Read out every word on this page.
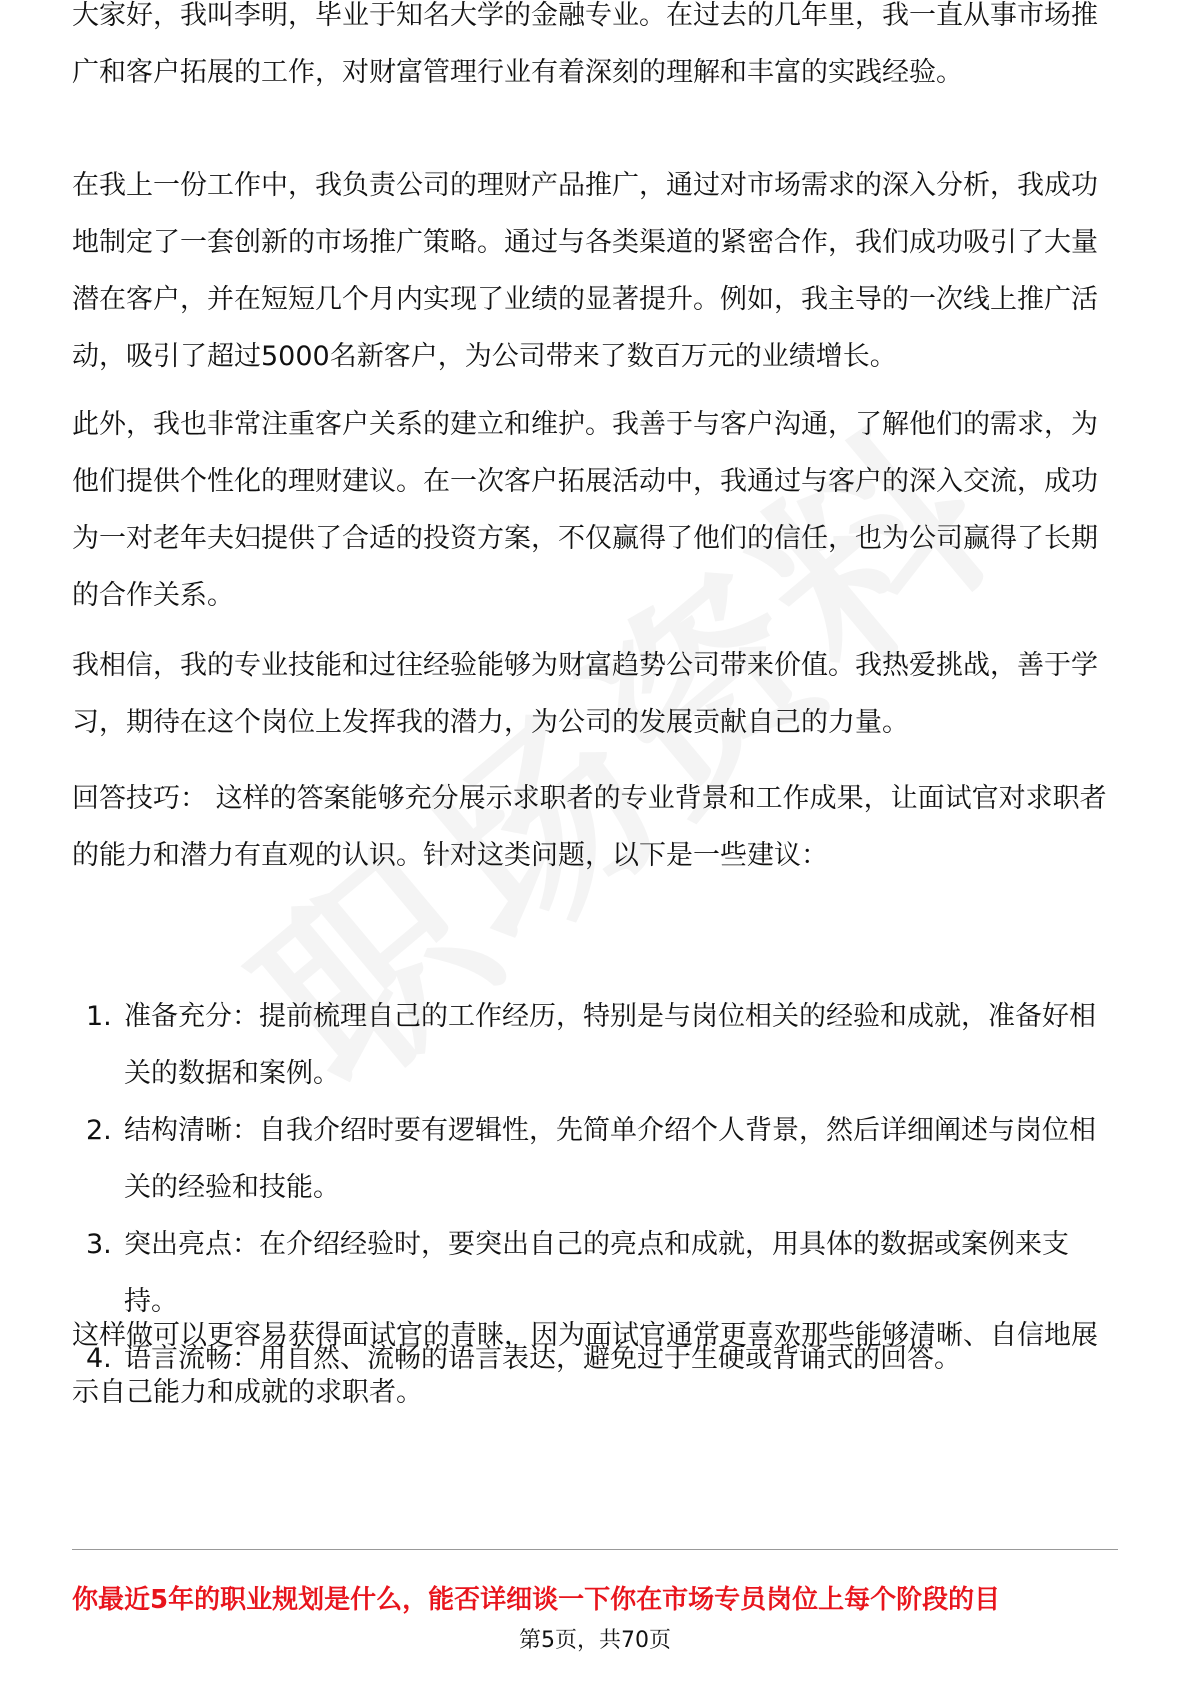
大家好，我叫李明，毕业于知名大学的金融专业。在过去的几年里，我一直从事市场推广和客户拓展的工作，对财富管理行业有着深刻的理解和丰富的实践经验。

在我上一份工作中，我负责公司的理财产品推广，通过对市场需求的深入分析，我成功地制定了一套创新的市场推广策略。通过与各类渠道的紧密合作，我们成功吸引了大量潜在客户，并在短短几个月内实现了业绩的显著提升。例如，我主导的一次线上推广活动，吸引了超过5000名新客户，为公司带来了数百万元的业绩增长。

此外，我也非常注重客户关系的建立和维护。我善于与客户沟通，了解他们的需求，为他们提供个性化的理财建议。在一次客户拓展活动中，我通过与客户的深入交流，成功为一对老年夫妇提供了合适的投资方案，不仅赢得了他们的信任，也为公司赢得了长期的合作关系。

我相信，我的专业技能和过往经验能够为财富趋势公司带来价值。我热爱挑战，善于学习，期待在这个岗位上发挥我的潜力，为公司的发展贡献自己的力量。

回答技巧： 这样的答案能够充分展示求职者的专业背景和工作成果，让面试官对求职者的能力和潜力有直观的认识。针对这类问题，以下是一些建议：

1. 准备充分：提前梳理自己的工作经历，特别是与岗位相关的经验和成就，准备好相关的数据和案例。
2. 结构清晰：自我介绍时要有逻辑性，先简单介绍个人背景，然后详细阐述与岗位相关的经验和技能。
3. 突出亮点：在介绍经验时，要突出自己的亮点和成就，用具体的数据或案例来支持。
4. 语言流畅：用自然、流畅的语言表达，避免过于生硬或背诵式的回答。

这样做可以更容易获得面试官的青睐，因为面试官通常更喜欢那些能够清晰、自信地展示自己能力和成就的求职者。

你最近5年的职业规划是什么，能否详细谈一下你在市场专员岗位上每个阶段的目
第5页，共70页
